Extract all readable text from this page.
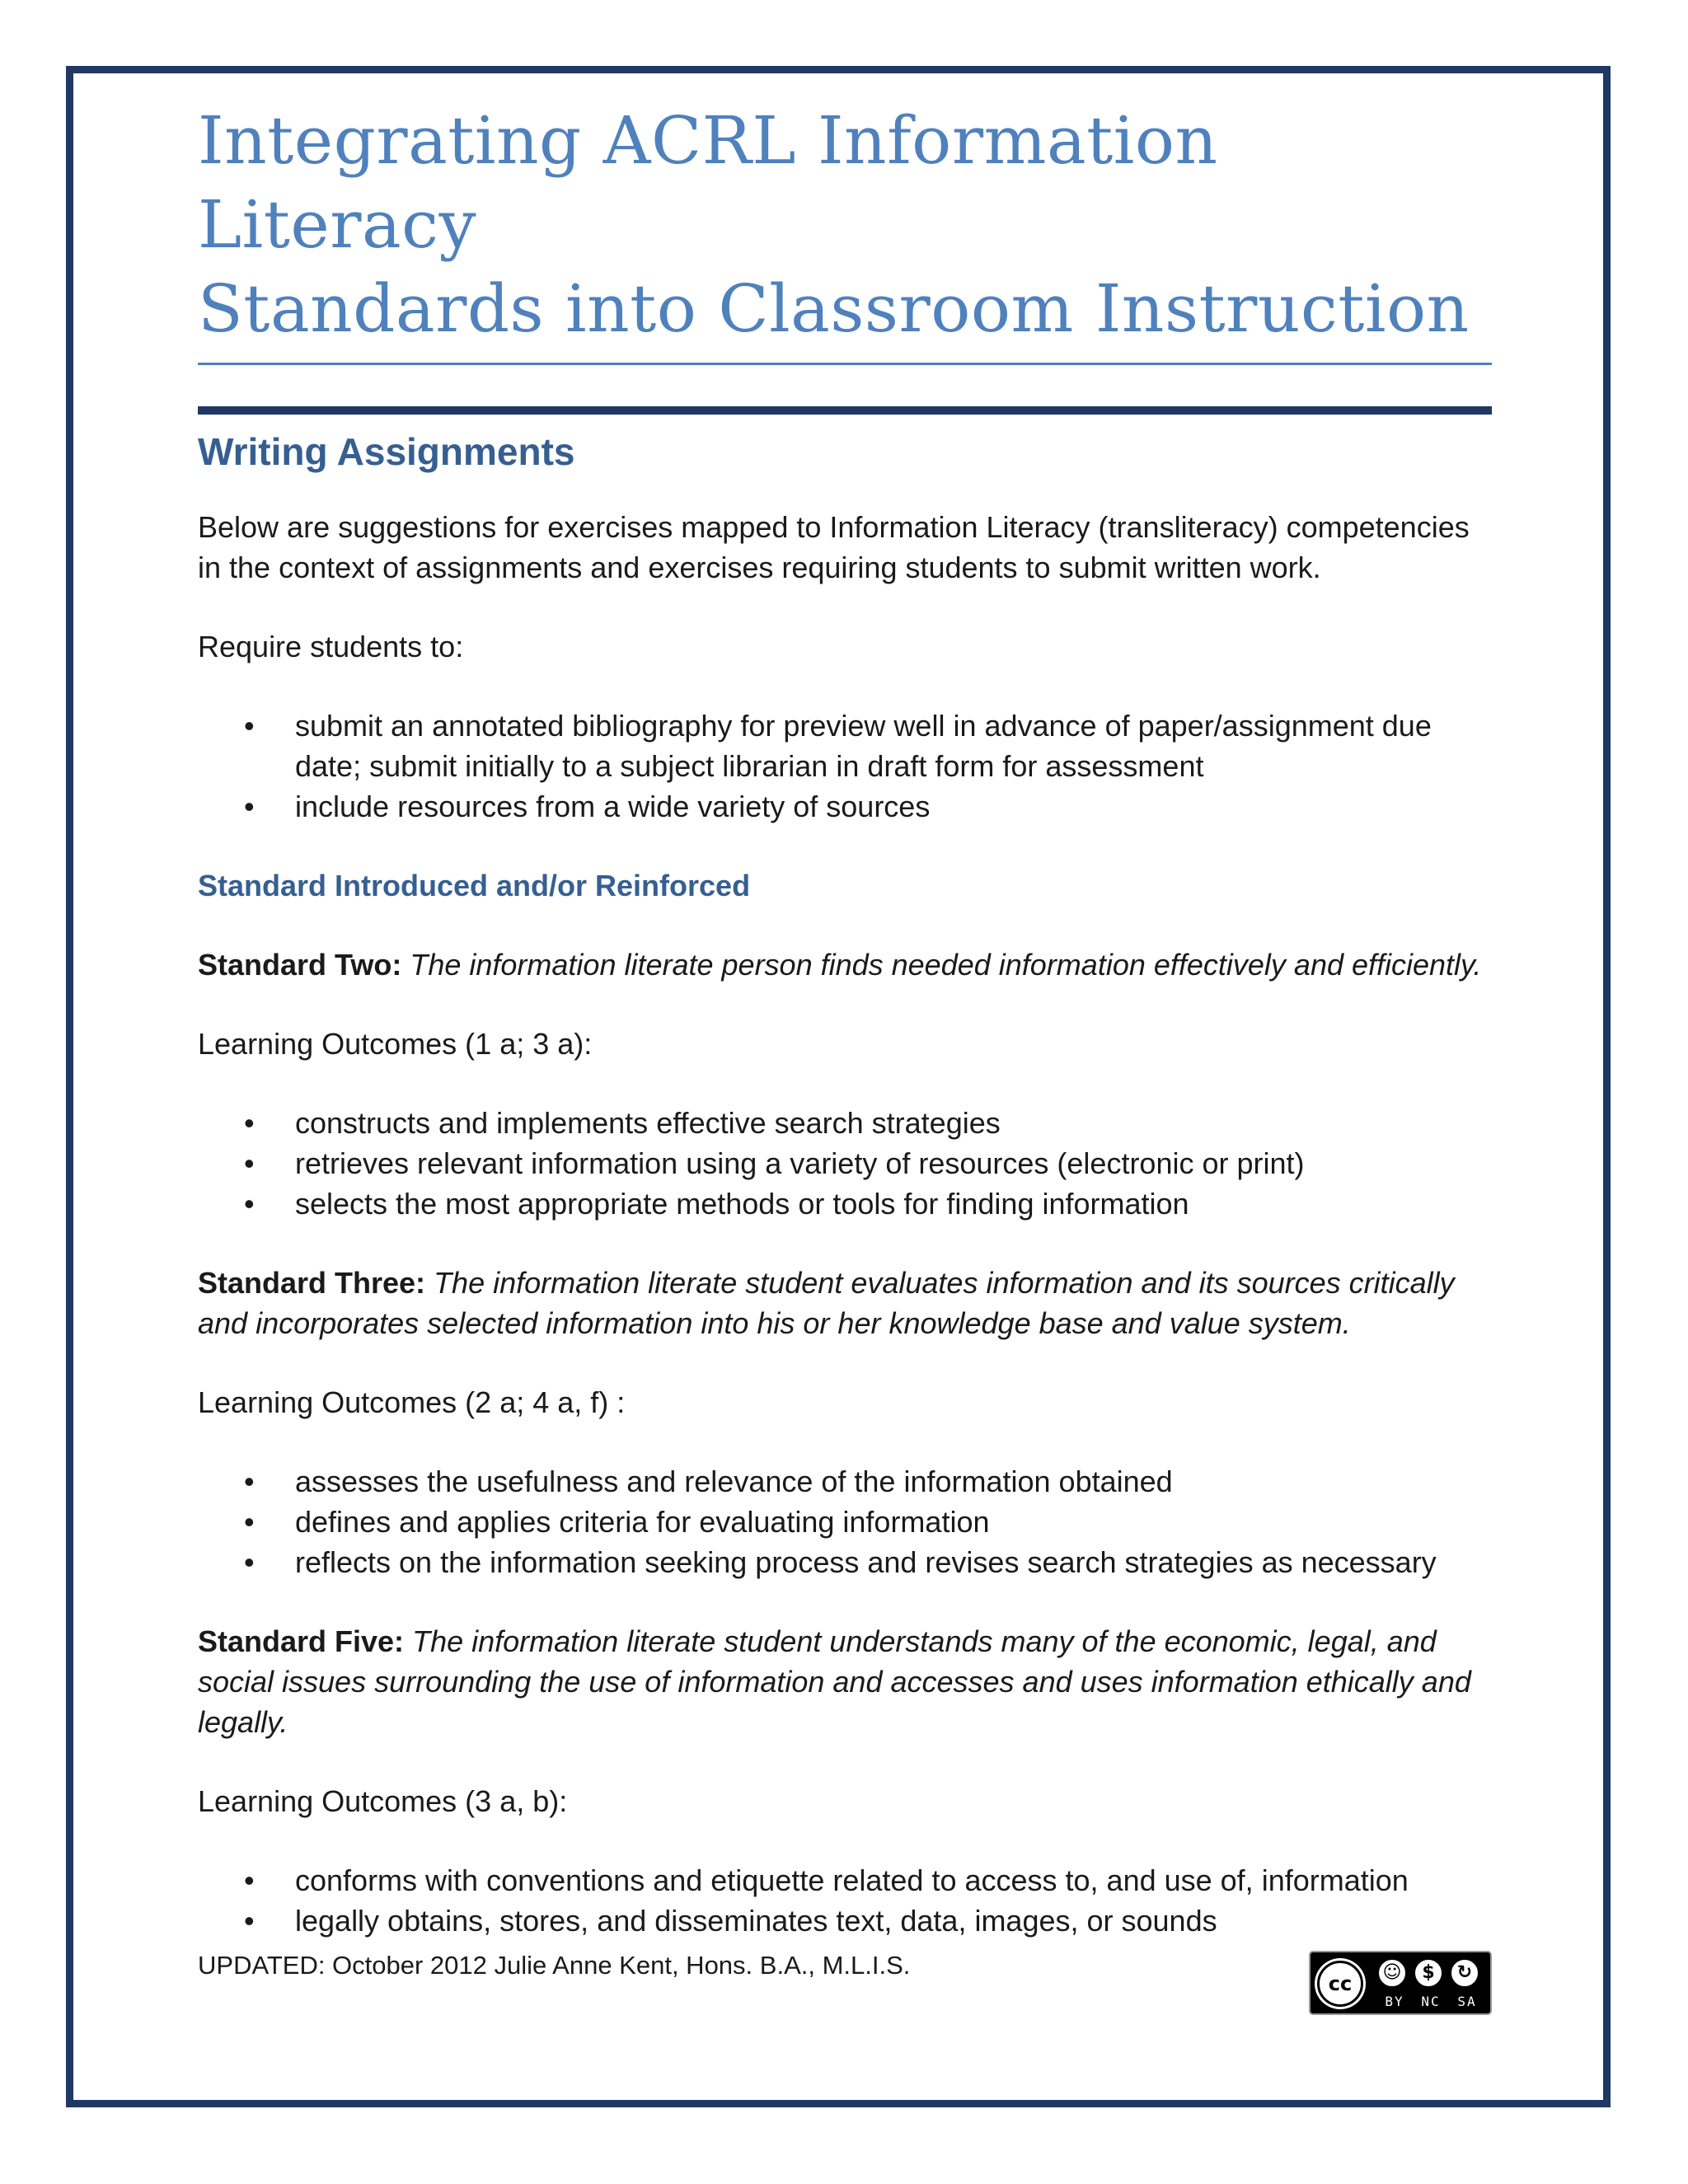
Integrating ACRL Information Literacy
Standards into Classroom Instruction
Writing Assignments

Below are suggestions for exercises mapped to Information Literacy (transliteracy) competencies in the context of assignments and exercises requiring students to submit written work.

Require students to:

• submit an annotated bibliography for preview well in advance of paper/assignment due date; submit initially to a subject librarian in draft form for assessment
• include resources from a wide variety of sources
Standard Introduced and/or Reinforced

Standard Two: The information literate person finds needed information effectively and efficiently.

Learning Outcomes (1 a; 3 a):

• constructs and implements effective search strategies
• retrieves relevant information using a variety of resources (electronic or print)
• selects the most appropriate methods or tools for finding information

Standard Three: The information literate student evaluates information and its sources critically and incorporates selected information into his or her knowledge base and value system.

Learning Outcomes (2 a; 4 a, f) :

• assesses the usefulness and relevance of the information obtained
• defines and applies criteria for evaluating information
• reflects on the information seeking process and revises search strategies as necessary

Standard Five: The information literate student understands many of the economic, legal, and social issues surrounding the use of information and accesses and uses information ethically and legally.

Learning Outcomes (3 a, b):

• conforms with conventions and etiquette related to access to, and use of, information
• legally obtains, stores, and disseminates text, data, images, or sounds
UPDATED: October 2012 Julie Anne Kent, Hons. B.A., M.L.I.S.
cc	☺	$	↻
BY NC SA
